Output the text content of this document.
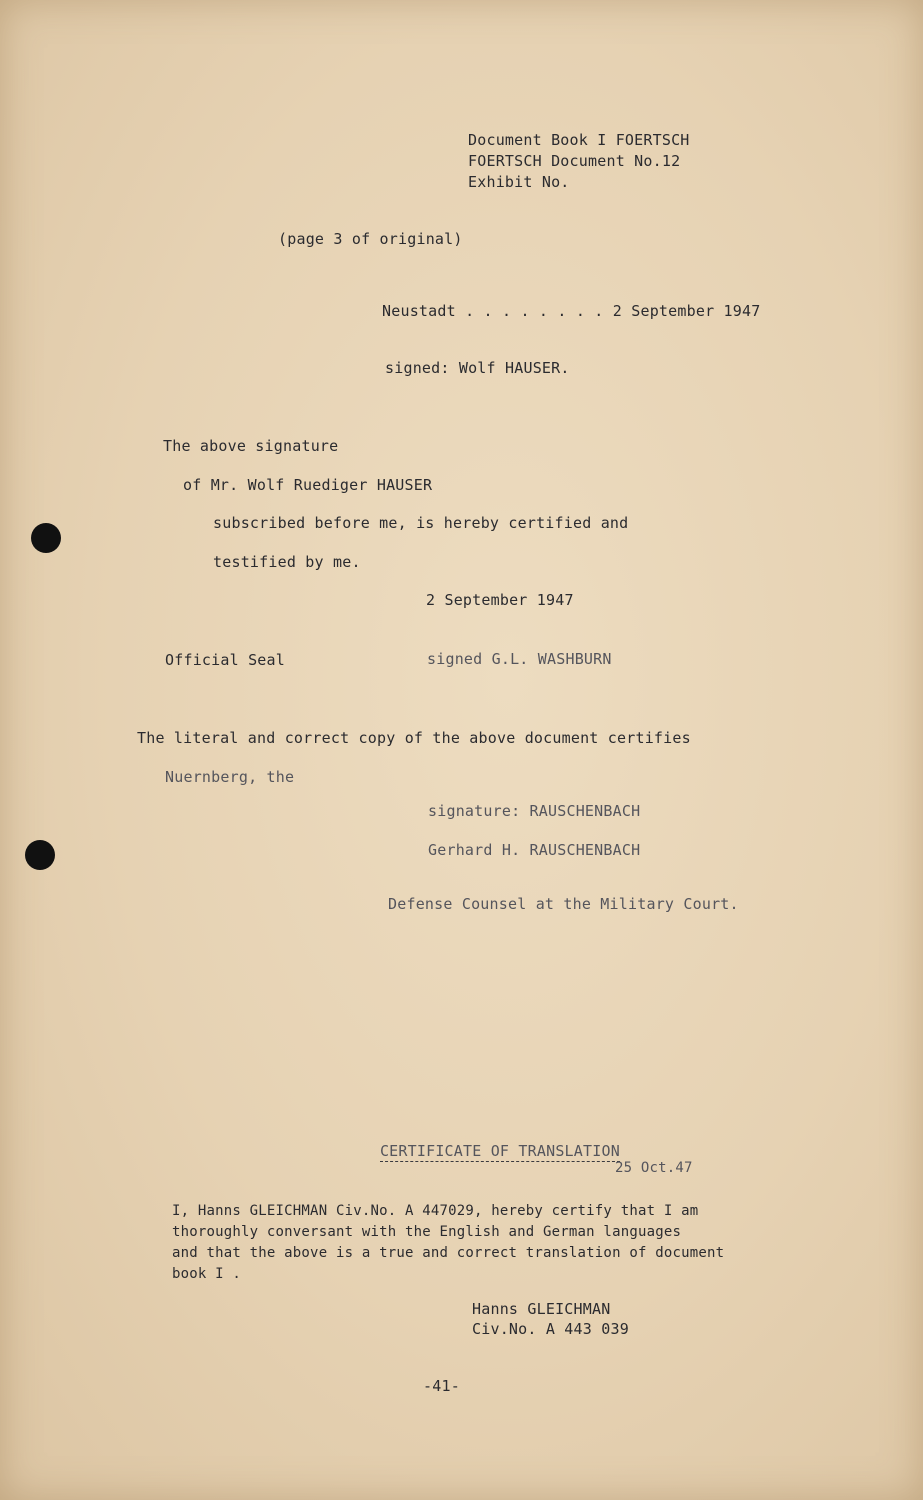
Document Book I FOERTSCH
FOERTSCH Document No.12
Exhibit No.
(page 3 of original)
Neustadt . . . . . . . . 2 September 1947
signed: Wolf HAUSER.
The above signature
of Mr. Wolf Ruediger HAUSER
subscribed before me, is hereby certified and
testified by me.
2 September 1947
Official Seal	signed G.L. WASHBURN
The literal and correct copy of the above document certifies
Nuernberg, the
signature: RAUSCHENBACH
Gerhard H. RAUSCHENBACH
Defense Counsel at the Military Court.

CERTIFICATE OF TRANSLATION

25 Oct.47
I, Hanns GLEICHMAN Civ.No. A 447029, hereby certify that I am
thoroughly conversant with the English and German languages
and that the above is a true and correct translation of document
book I .
Hanns GLEICHMAN
Civ.No. A 443 039
-41-
